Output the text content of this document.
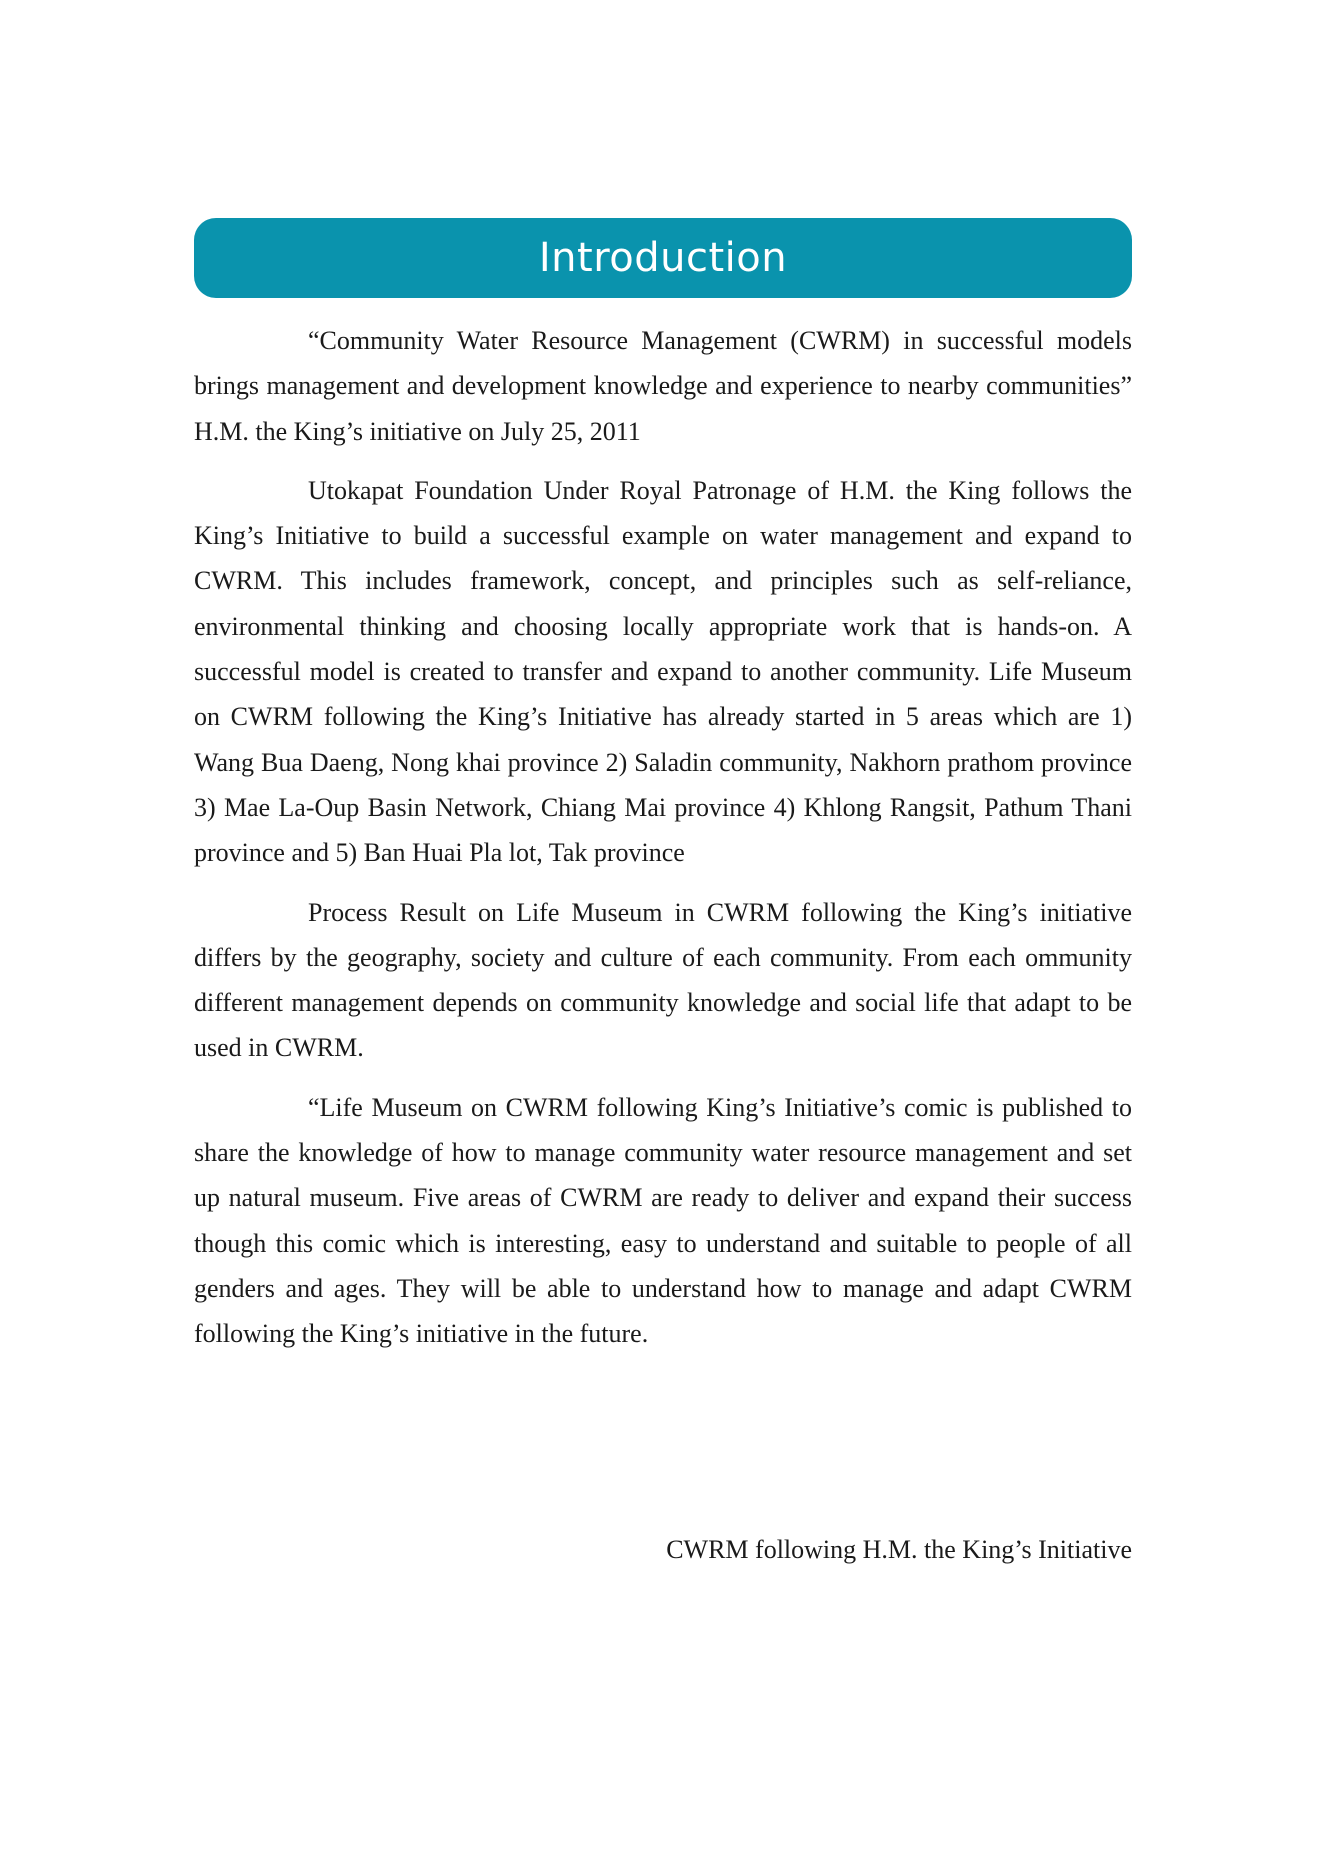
Introduction

“Community Water Resource Management (CWRM) in successful models brings management and development knowledge and experience to nearby communities” H.M. the King’s initiative on July 25, 2011

Utokapat Foundation Under Royal Patronage of H.M. the King follows the King’s Initiative to build a successful example on water management and expand to CWRM. This includes framework, concept, and principles such as self-reliance, environmental thinking and choosing locally appropriate work that is hands-on. A successful model is created to transfer and expand to another community. Life Museum on CWRM following the King’s Initiative has already started in 5 areas which are 1) Wang Bua Daeng, Nong khai province 2) Saladin community, Nakhorn prathom province 3) Mae La-Oup Basin Network, Chiang Mai province 4) Khlong Rangsit, Pathum Thani province and 5) Ban Huai Pla lot, Tak province

Process Result on Life Museum in CWRM following the King’s initiative differs by the geography, society and culture of each community. From each ommunity different management depends on community knowledge and social life that adapt to be used in CWRM.

“Life Museum on CWRM following King’s Initiative’s comic is published to share the knowledge of how to manage community water resource management and set up natural museum. Five areas of CWRM are ready to deliver and expand their success though this comic which is interesting, easy to understand and suitable to people of all genders and ages. They will be able to understand how to manage and adapt CWRM following the King’s initiative in the future.

CWRM following H.M. the King’s Initiative
